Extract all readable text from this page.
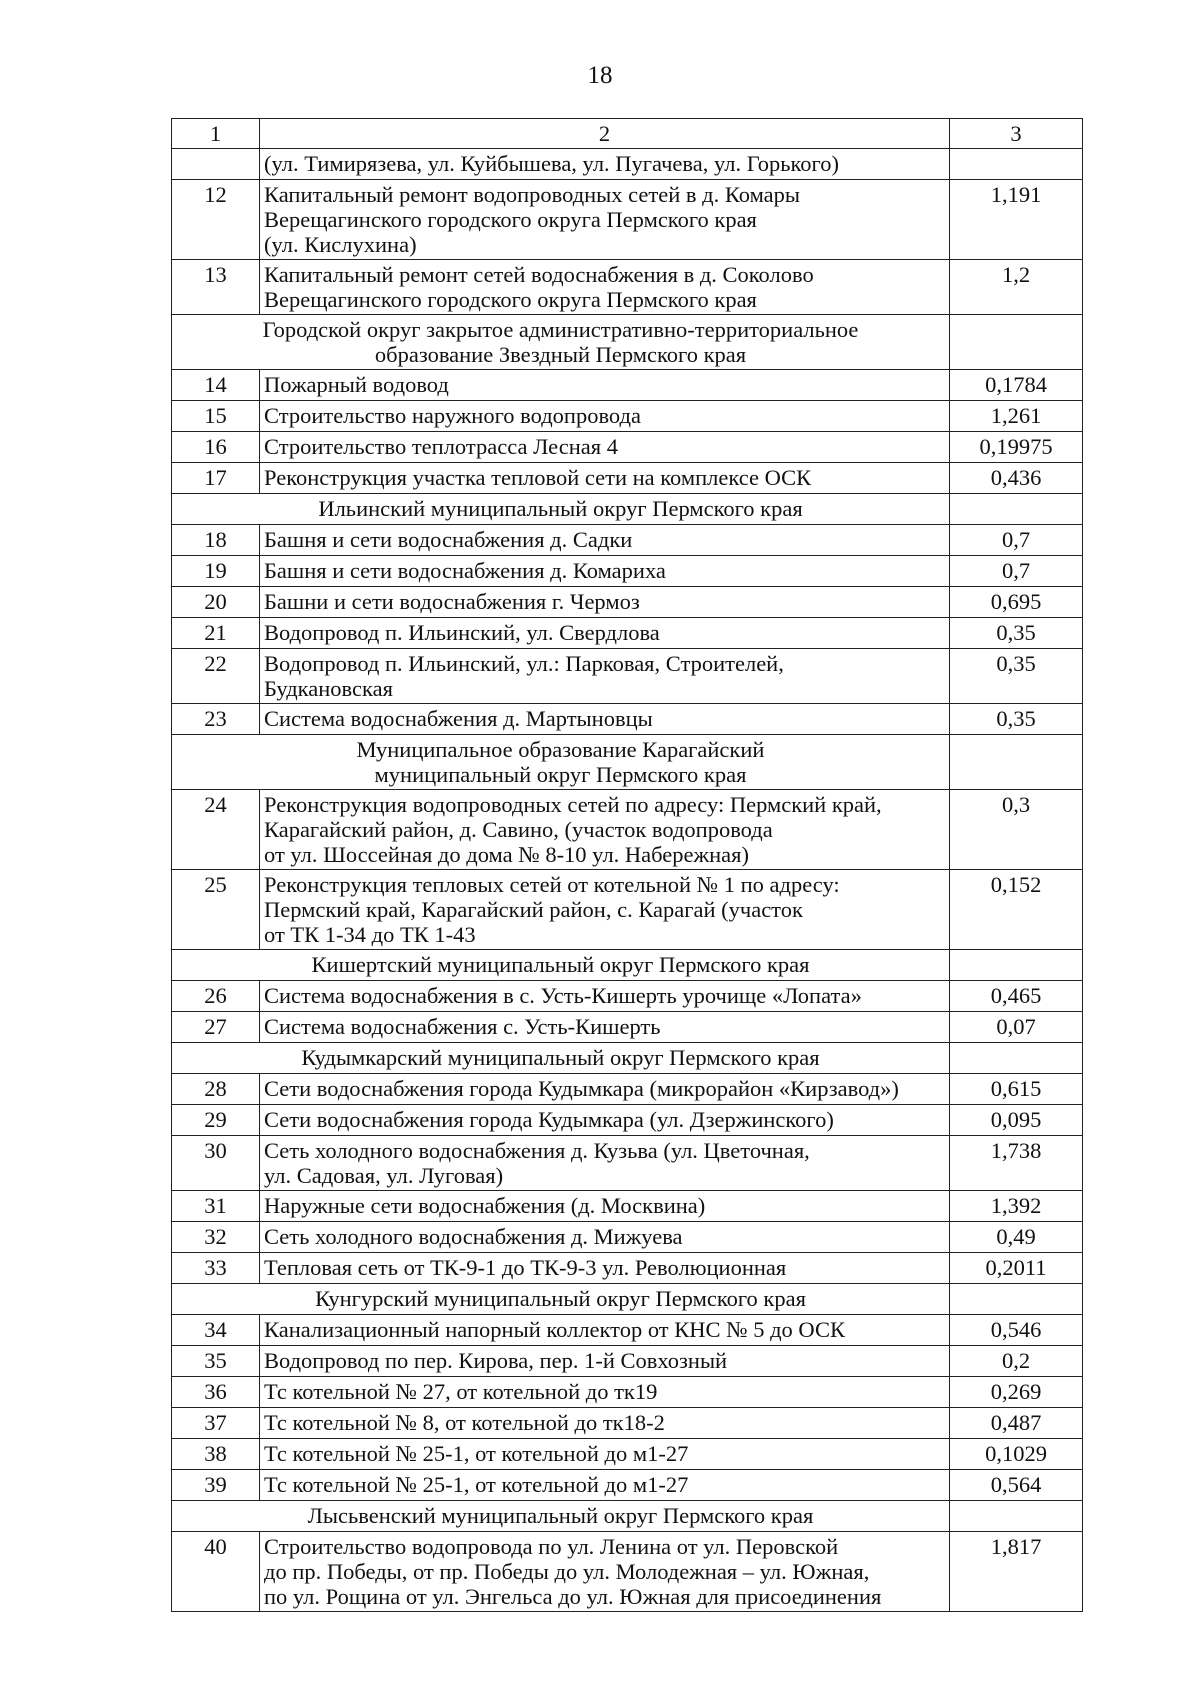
18
1	2	3
	(ул. Тимирязева, ул. Куйбышева, ул. Пугачева, ул. Горького)	
12	Капитальный ремонт водопроводных сетей в д. Комары
Верещагинского городского округа Пермского края
(ул. Кислухина)	1,191
13	Капитальный ремонт сетей водоснабжения в д. Соколово
Верещагинского городского округа Пермского края	1,2
Городской округ закрытое административно-территориальное
образование Звездный Пермского края		
14	Пожарный водовод	0,1784
15	Строительство наружного водопровода	1,261
16	Строительство теплотрасса Лесная 4	0,19975
17	Реконструкция участка тепловой сети на комплексе ОСК	0,436
Ильинский муниципальный округ Пермского края		
18	Башня и сети водоснабжения д. Садки	0,7
19	Башня и сети водоснабжения д. Комариха	0,7
20	Башни и сети водоснабжения г. Чермоз	0,695
21	Водопровод п. Ильинский, ул. Свердлова	0,35
22	Водопровод п. Ильинский, ул.: Парковая, Строителей,
Будкановская	0,35
23	Система водоснабжения д. Мартыновцы	0,35
Муниципальное образование Карагайский
муниципальный округ Пермского края		
24	Реконструкция водопроводных сетей по адресу: Пермский край,
Карагайский район, д. Савино, (участок водопровода
от ул. Шоссейная до дома № 8-10 ул. Набережная)	0,3
25	Реконструкция тепловых сетей от котельной № 1 по адресу:
Пермский край, Карагайский район, с. Карагай (участок
от ТК 1-34 до ТК 1-43	0,152
Кишертский муниципальный округ Пермского края		
26	Система водоснабжения в с. Усть-Кишерть урочище «Лопата»	0,465
27	Система водоснабжения с. Усть-Кишерть	0,07
Кудымкарский муниципальный округ Пермского края		
28	Сети водоснабжения города Кудымкара (микрорайон «Кирзавод»)	0,615
29	Сети водоснабжения города Кудымкара (ул. Дзержинского)	0,095
30	Сеть холодного водоснабжения д. Кузьва (ул. Цветочная,
ул. Садовая, ул. Луговая)	1,738
31	Наружные сети водоснабжения (д. Москвина)	1,392
32	Сеть холодного водоснабжения д. Мижуева	0,49
33	Тепловая сеть от ТК-9-1 до ТК-9-3 ул. Революционная	0,2011
Кунгурский муниципальный округ Пермского края		
34	Канализационный напорный коллектор от КНС № 5 до ОСК	0,546
35	Водопровод по пер. Кирова, пер. 1-й Совхозный	0,2
36	Тс котельной № 27, от котельной до тк19	0,269
37	Тс котельной № 8, от котельной до тк18-2	0,487
38	Тс котельной № 25-1, от котельной до м1-27	0,1029
39	Тс котельной № 25-1, от котельной до м1-27	0,564
Лысьвенский муниципальный округ Пермского края		
40	Строительство водопровода по ул. Ленина от ул. Перовской
до пр. Победы, от пр. Победы до ул. Молодежная – ул. Южная,
по ул. Рощина от ул. Энгельса до ул. Южная для присоединения	1,817
